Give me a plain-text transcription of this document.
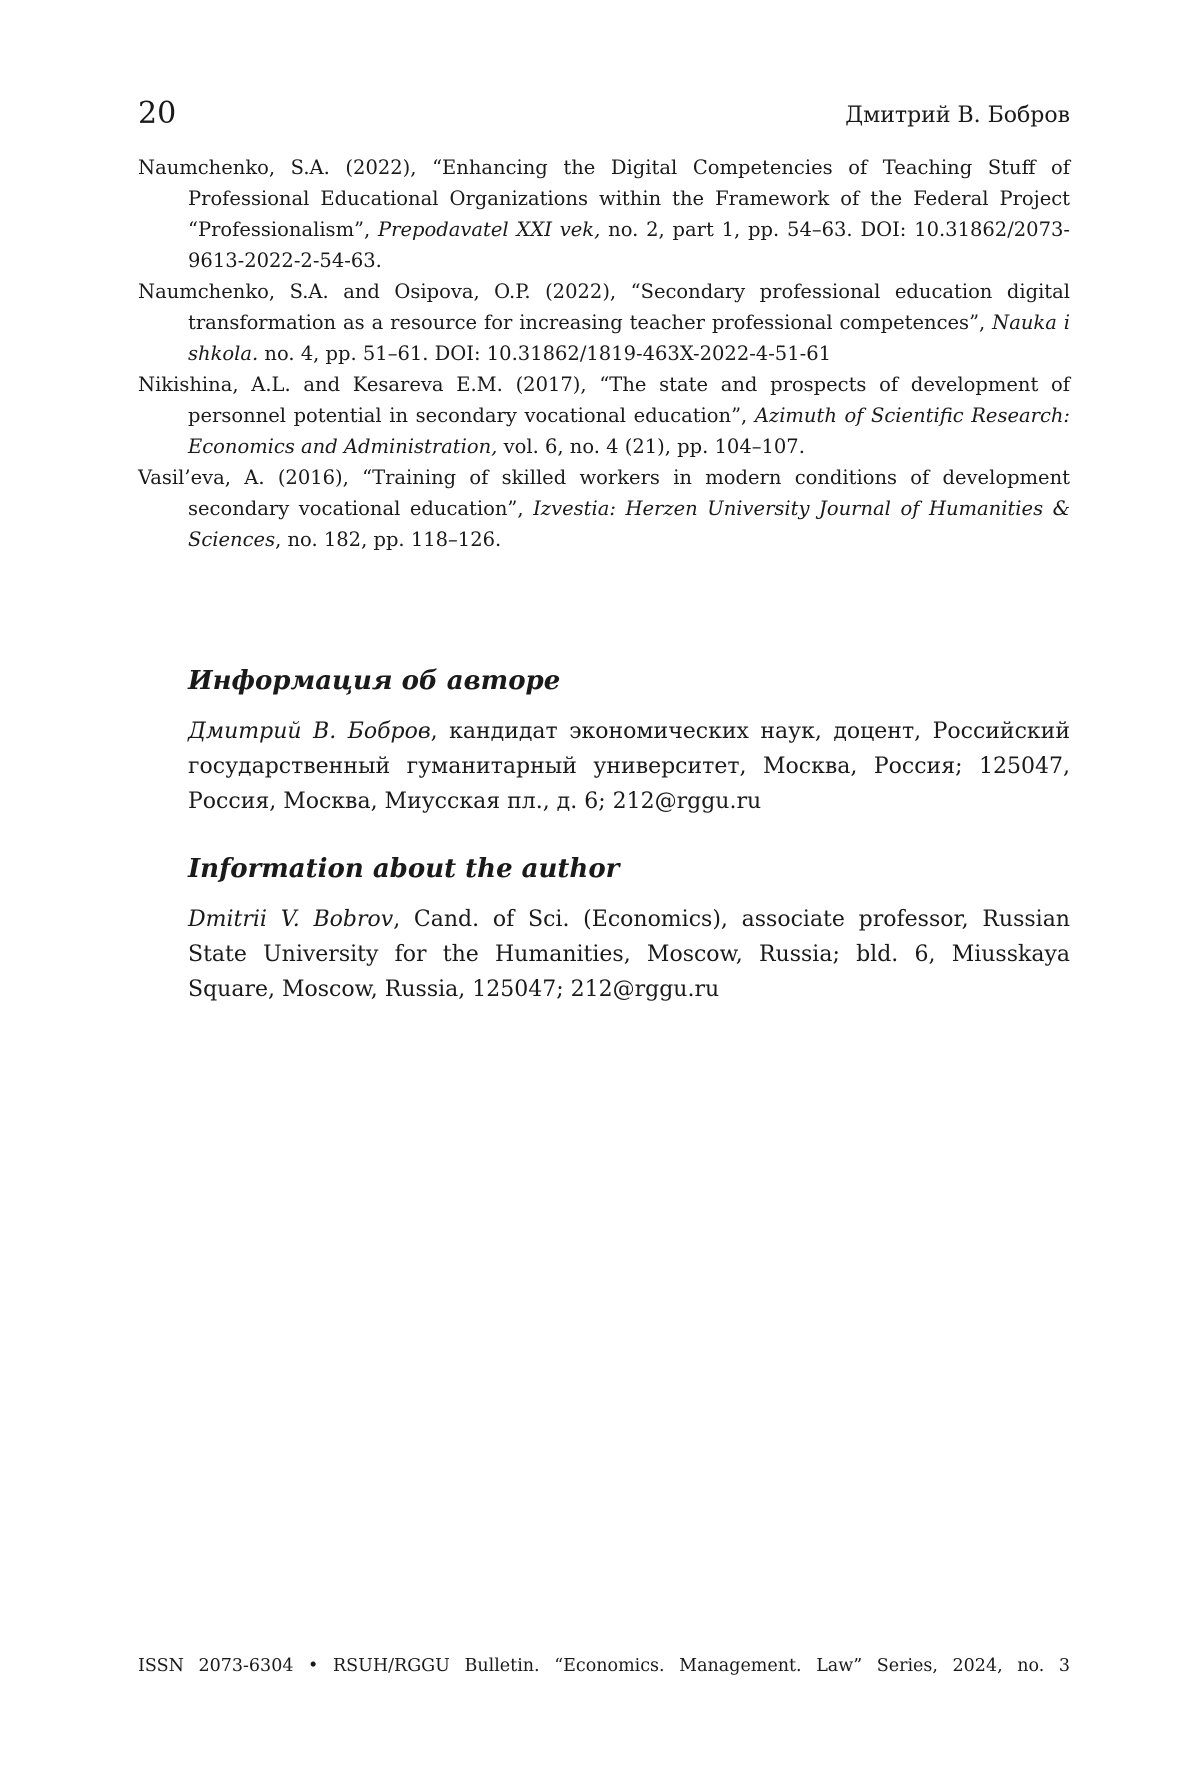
20	Дмитрий В. Бобров

Naumchenko, S.A. (2022), “Enhancing the Digital Competencies of Teaching Stuff of Professional Educational Organizations within the Framework of the Federal Project “Professionalism”, Prepodavatel XXI vek, no. 2, part 1, pp. 54–63. DOI: 10.31862/2073-9613-2022-2-54-63.

Naumchenko, S.A. and Osipova, O.P. (2022), “Secondary professional education digital transformation as a resource for increasing teacher professional competences”, Nauka i shkola. no. 4, pp. 51–61. DOI: 10.31862/1819-463X-2022-4-51-61

Nikishina, A.L. and Kesareva E.M. (2017), “The state and prospects of development of personnel potential in secondary vocational education”, Azimuth of Scientific Research: Economics and Administration, vol. 6, no. 4 (21), pp. 104–107.

Vasil’eva, A. (2016), “Training of skilled workers in modern conditions of development secondary vocational education”, Izvestia: Herzen University Journal of Humanities & Sciences, no. 182, pp. 118–126.

Информация об авторе

Дмитрий В. Бобров, кандидат экономических наук, доцент, Российский государственный гуманитарный университет, Москва, Россия; 125047, Россия, Москва, Миусская пл., д. 6; 212@rggu.ru

Information about the author

Dmitrii V. Bobrov, Cand. of Sci. (Economics), associate professor, Russian State University for the Humanities, Moscow, Russia; bld. 6, Miusskaya Square, Moscow, Russia, 125047; 212@rggu.ru

ISSN 2073-6304 • RSUH/RGGU Bulletin. “Economics. Management. Law” Series, 2024, no. 3
